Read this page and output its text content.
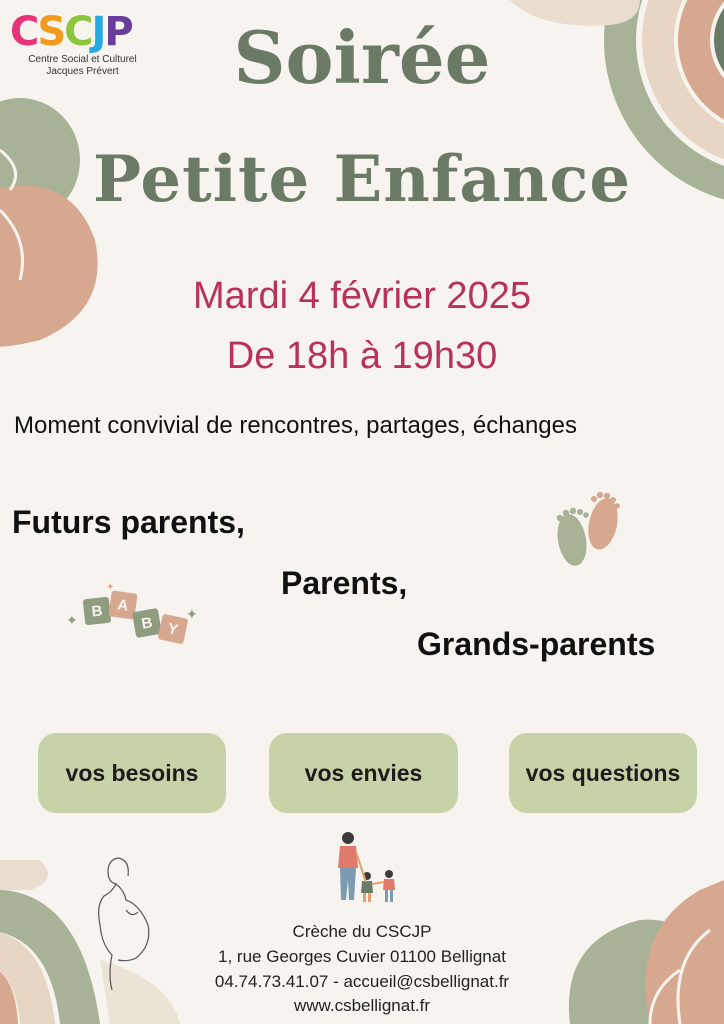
C S C J P
Centre Social et Culturel
Jacques Prévert	Soirée
Petite Enfance
Mardi 4 février 2025
De 18h à 19h30
Moment convivial de rencontres, partages, échanges
Futurs parents,
Parents,
Grands-parents
B A
B Y
✦	✦
✦
vos besoins	vos envies	vos questions
Crèche du CSCJP
1, rue Georges Cuvier 01100 Bellignat
04.74.73.41.07 - accueil@csbellignat.fr
www.csbellignat.fr
